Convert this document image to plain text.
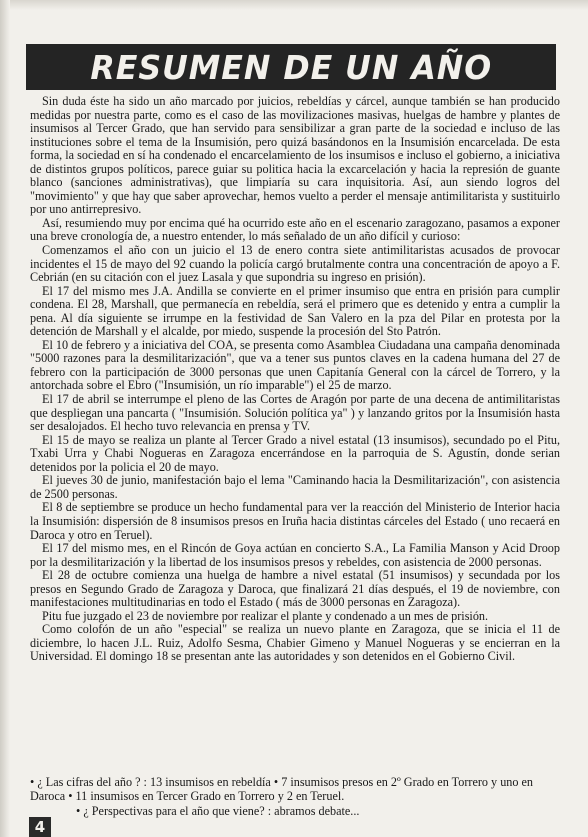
RESUMEN DE UN AÑO

Sin duda éste ha sido un año marcado por juicios, rebeldías y cárcel, aunque también se han producido medidas por nuestra parte, como es el caso de las movilizaciones masivas, huelgas de hambre y plantes de insumisos al Tercer Grado, que han servido para sensibilizar a gran parte de la sociedad e incluso de las instituciones sobre el tema de la Insumisión, pero quizá basándonos en la Insumisión encarcelada. De esta forma, la sociedad en sí ha condenado el encarcelamiento de los insumisos e incluso el gobierno, a iniciativa de distintos grupos políticos, parece guiar su politica hacia la excarcelación y hacia la represión de guante blanco (sanciones administrativas), que limpiaría su cara inquisitoria. Así, aun siendo logros del "movimiento" y que hay que saber aprovechar, hemos vuelto a perder el mensaje antimilitarista y sustituirlo por uno antirrepresivo.

Así, resumiendo muy por encima qué ha ocurrido este año en el escenario zaragozano, pasamos a exponer una breve cronología de, a nuestro entender, lo más señalado de un año difícil y curioso:

Comenzamos el año con un juicio el 13 de enero contra siete antimilitaristas acusados de provocar incidentes el 15 de mayo del 92 cuando la policía cargó brutalmente contra una concentración de apoyo a F. Cebrián (en su citación con el juez Lasala y que supondria su ingreso en prisión).

El 17 del mismo mes J.A. Andilla se convierte en el primer insumiso que entra en prisión para cumplir condena. El 28, Marshall, que permanecía en rebeldía, será el primero que es detenido y entra a cumplir la pena. Al día siguiente se irrumpe en la festividad de San Valero en la pza del Pilar en protesta por la detención de Marshall y el alcalde, por miedo, suspende la procesión del Sto Patrón.

El 10 de febrero y a iniciativa del COA, se presenta como Asamblea Ciudadana una campaña denominada "5000 razones para la desmilitarización", que va a tener sus puntos claves en la cadena humana del 27 de febrero con la participación de 3000 personas que unen Capitanía General con la cárcel de Torrero, y la antorchada sobre el Ebro ("Insumisión, un río imparable") el 25 de marzo.

El 17 de abril se interrumpe el pleno de las Cortes de Aragón por parte de una decena de antimilitaristas que despliegan una pancarta ( "Insumisión. Solución política ya" ) y lanzando gritos por la Insumisión hasta ser desalojados. El hecho tuvo relevancia en prensa y TV.

El 15 de mayo se realiza un plante al Tercer Grado a nivel estatal (13 insumisos), secundado po el Pitu, Txabi Urra y Chabi Nogueras en Zaragoza encerrándose en la parroquia de S. Agustín, donde serian detenidos por la policia el 20 de mayo.

El jueves 30 de junio, manifestación bajo el lema "Caminando hacia la Desmilitarización", con asistencia de 2500 personas.

El 8 de septiembre se produce un hecho fundamental para ver la reacción del Ministerio de Interior hacia la Insumisión: dispersión de 8 insumisos presos en Iruña hacia distintas cárceles del Estado ( uno recaerá en Daroca y otro en Teruel).

El 17 del mismo mes, en el Rincón de Goya actúan en concierto S.A., La Familia Manson y Acid Droop por la desmilitarización y la libertad de los insumisos presos y rebeldes, con asistencia de 2000 personas.

El 28 de octubre comienza una huelga de hambre a nivel estatal (51 insumisos) y secundada por los presos en Segundo Grado de Zaragoza y Daroca, que finalizará 21 días después, el 19 de noviembre, con manifestaciones multitudinarias en todo el Estado ( más de 3000 personas en Zaragoza).

Pitu fue juzgado el 23 de noviembre por realizar el plante y condenado a un mes de prisión.

Como colofón de un año "especial" se realiza un nuevo plante en Zaragoza, que se inicia el 11 de diciembre, lo hacen J.L. Ruiz, Adolfo Sesma, Chabier Gimeno y Manuel Nogueras y se encierran en la Universidad. El domingo 18 se presentan ante las autoridades y son detenidos en el Gobierno Civil.

• ¿ Las cifras del año ? : 13 insumisos en rebeldía • 7 insumisos presos en 2º Grado en Torrero y uno en Daroca • 11 insumisos en Tercer Grado en Torrero y 2 en Teruel.

• ¿ Perspectivas para el año que viene? : abramos debate...

4
